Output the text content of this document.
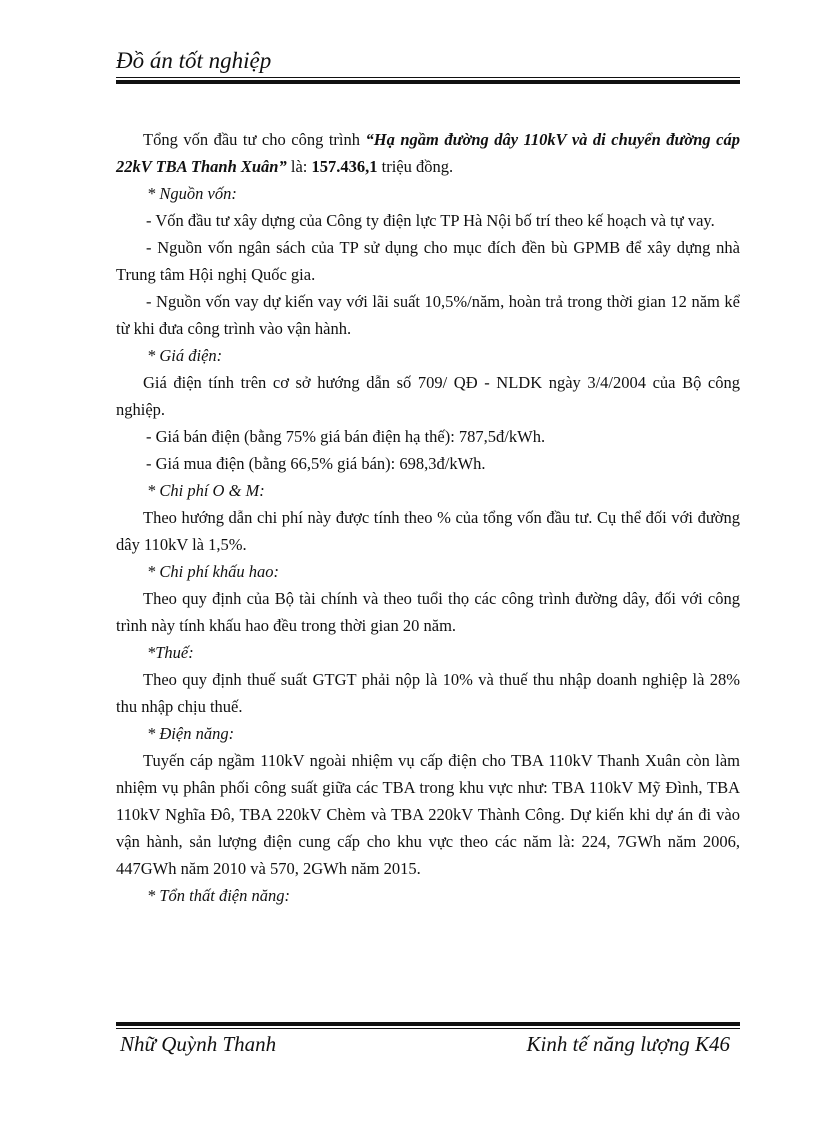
Đồ án tốt nghiệp

Tổng vốn đầu tư cho công trình “Hạ ngầm đường dây 110kV và di chuyển đường cáp 22kV TBA Thanh Xuân” là: 157.436,1 triệu đồng.

* Nguồn vốn:

- Vốn đầu tư xây dựng của Công ty điện lực TP Hà Nội bố trí theo kế hoạch và tự vay.

- Nguồn vốn ngân sách của TP sử dụng cho mục đích đền bù GPMB để xây dựng nhà Trung tâm Hội nghị Quốc gia.

- Nguồn vốn vay dự kiến vay với lãi suất 10,5%/năm, hoàn trả trong thời gian 12 năm kể từ khi đưa công trình vào vận hành.

* Giá điện:

Giá điện tính trên cơ sở hướng dẫn số 709/ QĐ - NLDK ngày 3/4/2004 của Bộ công nghiệp.

- Giá bán điện (bằng 75% giá bán điện hạ thế): 787,5đ/kWh.

- Giá mua điện (bằng 66,5% giá bán): 698,3đ/kWh.

* Chi phí O & M:

Theo hướng dẫn chi phí này được tính theo % của tổng vốn đầu tư. Cụ thể đối với đường dây 110kV là 1,5%.

* Chi phí khấu hao:

Theo quy định của Bộ tài chính và theo tuổi thọ các công trình đường dây, đối với công trình này tính khấu hao đều trong thời gian 20 năm.

*Thuế:

Theo quy định thuế suất GTGT phải nộp là 10% và thuế thu nhập doanh nghiệp là 28% thu nhập chịu thuế.

* Điện năng:

Tuyến cáp ngầm 110kV ngoài nhiệm vụ cấp điện cho TBA 110kV Thanh Xuân còn làm nhiệm vụ phân phối công suất giữa các TBA trong khu vực như: TBA 110kV Mỹ Đình, TBA 110kV Nghĩa Đô, TBA 220kV Chèm và TBA 220kV Thành Công. Dự kiến khi dự án đi vào vận hành, sản lượng điện cung cấp cho khu vực theo các năm là: 224, 7GWh năm 2006, 447GWh năm 2010 và 570, 2GWh năm 2015.

* Tổn thất điện năng:

Nhữ Quỳnh Thanh	Kinh tế năng lượng K46
